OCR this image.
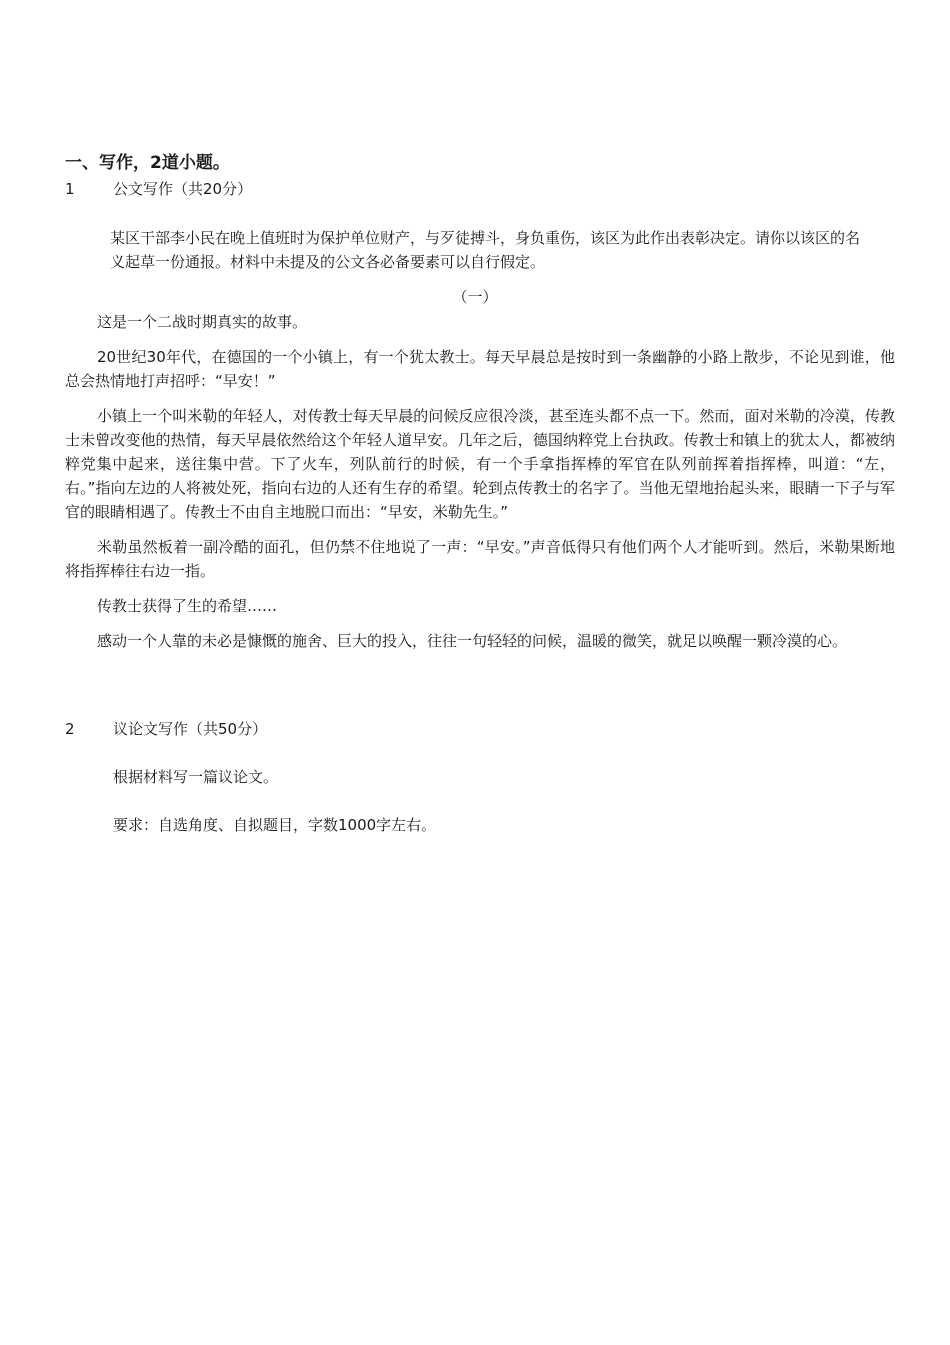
一、写作，2道小题。
1	公文写作（共20分）
某区干部李小民在晚上值班时为保护单位财产，与歹徒搏斗，身负重伤，该区为此作出表彰决定。请你以该区的名义起草一份通报。材料中未提及的公文各必备要素可以自行假定。
（一）

这是一个二战时期真实的故事。

20世纪30年代，在德国的一个小镇上，有一个犹太教士。每天早晨总是按时到一条幽静的小路上散步，不论见到谁，他总会热情地打声招呼：“早安！”

小镇上一个叫米勒的年轻人，对传教士每天早晨的问候反应很冷淡，甚至连头都不点一下。然而，面对米勒的冷漠，传教士未曾改变他的热情，每天早晨依然给这个年轻人道早安。几年之后，德国纳粹党上台执政。传教士和镇上的犹太人，都被纳粹党集中起来，送往集中营。下了火车，列队前行的时候，有一个手拿指挥棒的军官在队列前挥着指挥棒，叫道：“左，右。”指向左边的人将被处死，指向右边的人还有生存的希望。轮到点传教士的名字了。当他无望地抬起头来，眼睛一下子与军官的眼睛相遇了。传教士不由自主地脱口而出：“早安，米勒先生。”

米勒虽然板着一副冷酷的面孔，但仍禁不住地说了一声：“早安。”声音低得只有他们两个人才能听到。然后，米勒果断地将指挥棒往右边一指。

传教士获得了生的希望……

感动一个人靠的未必是慷慨的施舍、巨大的投入，往往一句轻轻的问候，温暖的微笑，就足以唤醒一颗冷漠的心。

2	议论文写作（共50分）
根据材料写一篇议论文。
要求：自选角度、自拟题目，字数1000字左右。
